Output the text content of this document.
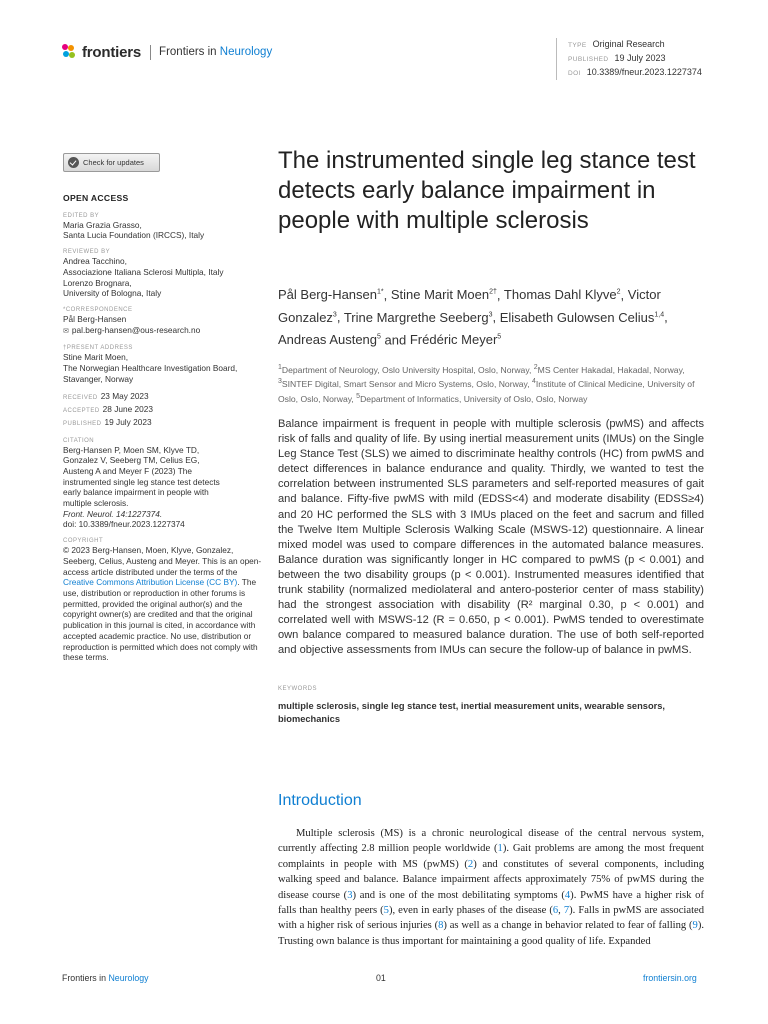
frontiers Frontiers in Neurology
TYPE Original Research
PUBLISHED 19 July 2023
DOI 10.3389/fneur.2023.1227374
Check for updates
OPEN ACCESS
EDITED BY
Maria Grazia Grasso,
Santa Lucia Foundation (IRCCS), Italy
REVIEWED BY
Andrea Tacchino,
Associazione Italiana Sclerosi Multipla, Italy
Lorenzo Brognara,
University of Bologna, Italy
*CORRESPONDENCE
Pål Berg-Hansen
✉ pal.berg-hansen@ous-research.no
†PRESENT ADDRESS
Stine Marit Moen,
The Norwegian Healthcare Investigation Board,
Stavanger, Norway
RECEIVED 23 May 2023
ACCEPTED 28 June 2023
PUBLISHED 19 July 2023
CITATION
Berg-Hansen P, Moen SM, Klyve TD,
Gonzalez V, Seeberg TM, Celius EG,
Austeng A and Meyer F (2023) The
instrumented single leg stance test detects
early balance impairment in people with
multiple sclerosis.
Front. Neurol. 14:1227374.
doi: 10.3389/fneur.2023.1227374
COPYRIGHT
© 2023 Berg-Hansen, Moen, Klyve, Gonzalez, Seeberg, Celius, Austeng and Meyer. This is an open-access article distributed under the terms of the Creative Commons Attribution License (CC BY). The use, distribution or reproduction in other forums is permitted, provided the original author(s) and the copyright owner(s) are credited and that the original publication in this journal is cited, in accordance with accepted academic practice. No use, distribution or reproduction is permitted which does not comply with these terms.
The instrumented single leg stance test detects early balance impairment in people with multiple sclerosis

Pål Berg-Hansen$^{1*}$, Stine Marit Moen$^{2\dagger}$, Thomas Dahl Klyve$^2$, Victor Gonzalez$^3$, Trine Margrethe Seeberg$^3$, Elisabeth Gulowsen Celius$^{1,4}$, Andreas Austeng$^5$ and Frédéric Meyer$^5$

$^1$Department of Neurology, Oslo University Hospital, Oslo, Norway, $^2$MS Center Hakadal, Hakadal, Norway, $^3$SINTEF Digital, Smart Sensor and Micro Systems, Oslo, Norway, $^4$Institute of Clinical Medicine, University of Oslo, Oslo, Norway, $^5$Department of Informatics, University of Oslo, Oslo, Norway

Balance impairment is frequent in people with multiple sclerosis (pwMS) and affects risk of falls and quality of life. By using inertial measurement units (IMUs) on the Single Leg Stance Test (SLS) we aimed to discriminate healthy controls (HC) from pwMS and detect differences in balance endurance and quality. Thirdly, we wanted to test the correlation between instrumented SLS parameters and self-reported measures of gait and balance. Fifty-five pwMS with mild (EDSS<4) and moderate disability (EDSS≥4) and 20 HC performed the SLS with 3 IMUs placed on the feet and sacrum and filled the Twelve Item Multiple Sclerosis Walking Scale (MSWS-12) questionnaire. A linear mixed model was used to compare differences in the automated balance measures. Balance duration was significantly longer in HC compared to pwMS (p < 0.001) and between the two disability groups (p < 0.001). Instrumented measures identified that trunk stability (normalized mediolateral and antero-posterior center of mass stability) had the strongest association with disability (R² marginal 0.30, p < 0.001) and correlated well with MSWS-12 (R = 0.650, p < 0.001). PwMS tended to overestimate own balance compared to measured balance duration. The use of both self-reported and objective assessments from IMUs can secure the follow-up of balance in pwMS.

KEYWORDS
multiple sclerosis, single leg stance test, inertial measurement units, wearable sensors, biomechanics
Introduction

Multiple sclerosis (MS) is a chronic neurological disease of the central nervous system, currently affecting 2.8 million people worldwide (1). Gait problems are among the most frequent complaints in people with MS (pwMS) (2) and constitutes of several components, including walking speed and balance. Balance impairment affects approximately 75% of pwMS during the disease course (3) and is one of the most debilitating symptoms (4). PwMS have a higher risk of falls than healthy peers (5), even in early phases of the disease (6, 7). Falls in pwMS are associated with a higher risk of serious injuries (8) as well as a change in behavior related to fear of falling (9). Trusting own balance is thus important for maintaining a good quality of life. Expanded

Frontiers in Neurology	01	frontiersin.org
